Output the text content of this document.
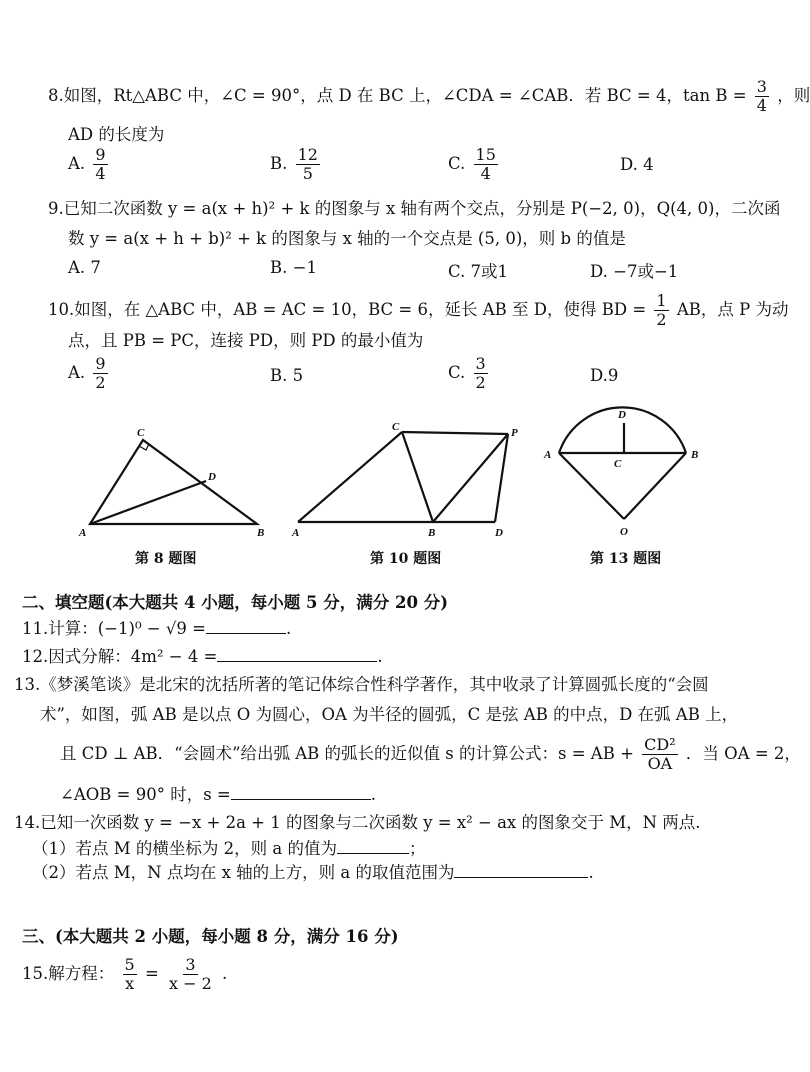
8.如图，Rt△ABC 中，∠C = 90°，点 D 在 BC 上，∠CDA = ∠CAB．若 BC = 4，$\tan B = \frac{3}{4}$ ，则
AD 的长度为
A. $\frac{9}{4}$	B. $\frac{12}{5}$	C. $\frac{15}{4}$	D. 4
9.已知二次函数 y = a(x + h)² + k 的图象与 x 轴有两个交点，分别是 P(−2, 0)，Q(4, 0)，二次函
数 y = a(x + h + b)² + k 的图象与 x 轴的一个交点是 (5, 0)，则 b 的值是
A. 7	B. −1	C. 7或1	D. −7或−1
10.如图，在 △ABC 中，AB = AC = 10，BC = 6，延长 AB 至 D，使得 BD = $\frac{1}{2}$ AB，点 P 为动
点，且 PB = PC，连接 PD，则 PD 的最小值为
A. $\frac{9}{2}$	B. 5	C. $\frac{3}{2}$	D.9
C
A	B
D
第 8 题图
C
A	B	D
P
第 10 题图
D
A	B
C
O
第 13 题图
二、填空题(本大题共 4 小题，每小题 5 分，满分 20 分)
11.计算：(−1)⁰ − √9 =	.
12.因式分解：4m² − 4 =	.
13.《梦溪笔谈》是北宋的沈括所著的笔记体综合性科学著作，其中收录了计算圆弧长度的“会圆
术”，如图，弧 AB 是以点 O 为圆心，OA 为半径的圆弧，C 是弦 AB 的中点，D 在弧 AB 上，
且 CD ⊥ AB．“会圆术”给出弧 AB 的弧长的近似值 s 的计算公式：s = AB + $\frac{\text{CD²}}{OA}$ ．当 OA = 2，
∠AOB = 90° 时，s =	.
14.已知一次函数 y = −x + 2a + 1 的图象与二次函数 y = x² − ax 的图象交于 M，N 两点.
（1）若点 M 的横坐标为 2，则 a 的值为	；
（2）若点 M，N 点均在 x 轴的上方，则 a 的取值范围为	.
三、(本大题共 2 小题，每小题 8 分，满分 16 分)
15.解方程： $\frac{5}{x} = \frac{3}{x - 2}$ .
